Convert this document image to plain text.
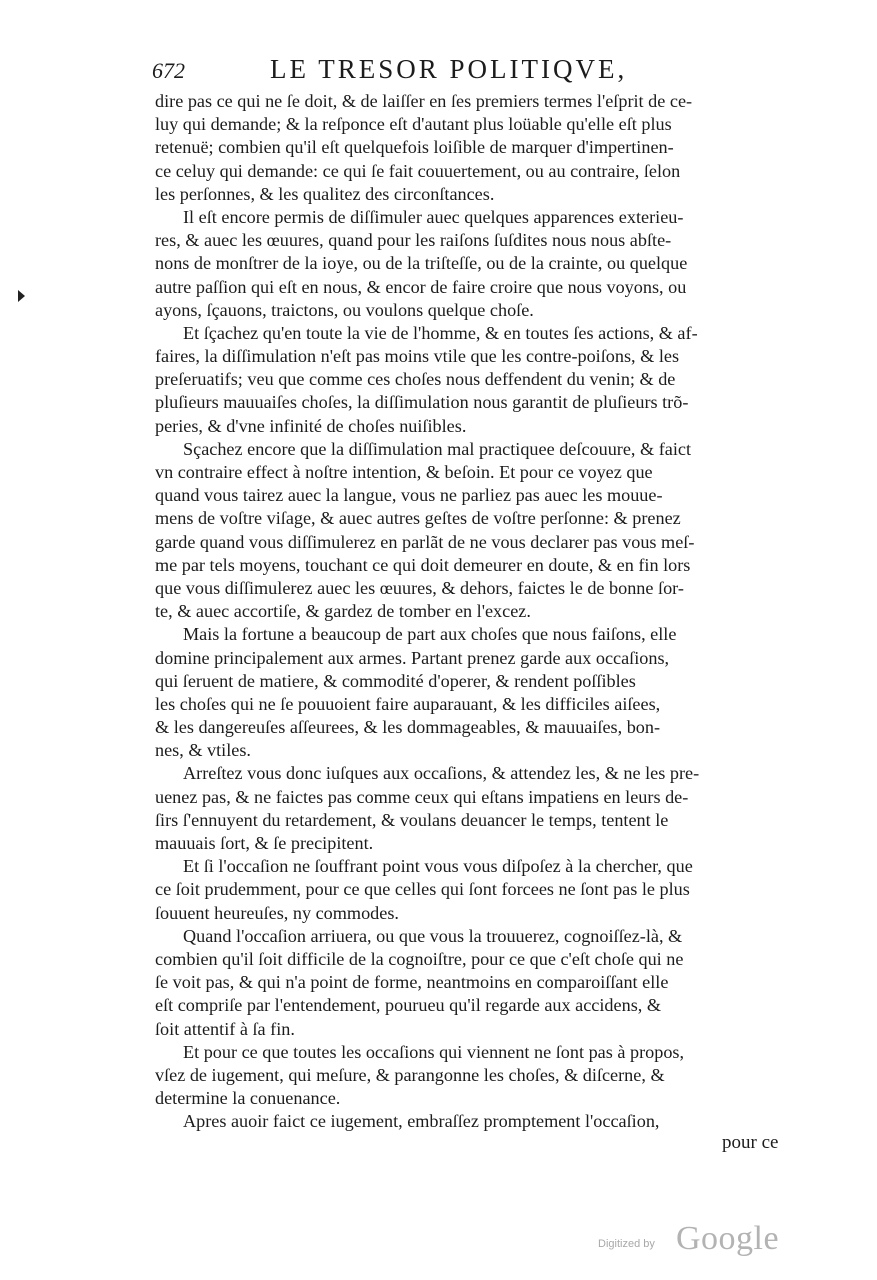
672	LE TRESOR POLITIQVE,
dire pas ce qui ne ſe doit, & de laiſſer en ſes premiers termes l'eſprit de ce-
luy qui demande; & la reſponce eſt d'autant plus loüable qu'elle eſt plus
retenuë; combien qu'il eſt quelquefois loiſible de marquer d'impertinen-
ce celuy qui demande: ce qui ſe fait couuertement, ou au contraire, ſelon
les perſonnes, & les qualitez des circonſtances.
Il eſt encore permis de diſſimuler auec quelques apparences exterieu-
res, & auec les œuures, quand pour les raiſons ſuſdites nous nous abſte-
nons de monſtrer de la ioye, ou de la triſteſſe, ou de la crainte, ou quelque
autre paſſion qui eſt en nous, & encor de faire croire que nous voyons, ou
ayons, ſçauons, traictons, ou voulons quelque choſe.
Et ſçachez qu'en toute la vie de l'homme, & en toutes ſes actions, & af-
faires, la diſſimulation n'eſt pas moins vtile que les contre-poiſons, & les
preſeruatifs; veu que comme ces choſes nous deffendent du venin; & de
pluſieurs mauuaiſes choſes, la diſſimulation nous garantit de pluſieurs trõ-
peries, & d'vne infinité de choſes nuiſibles.
Sçachez encore que la diſſimulation mal practiquee deſcouure, & faict
vn contraire effect à noſtre intention, & beſoin. Et pour ce voyez que
quand vous tairez auec la langue, vous ne parliez pas auec les mouue-
mens de voſtre viſage, & auec autres geſtes de voſtre perſonne: & prenez
garde quand vous diſſimulerez en parlãt de ne vous declarer pas vous meſ-
me par tels moyens, touchant ce qui doit demeurer en doute, & en fin lors
que vous diſſimulerez auec les œuures, & dehors, faictes le de bonne ſor-
te, & auec accortiſe, & gardez de tomber en l'excez.
Mais la fortune a beaucoup de part aux choſes que nous faiſons, elle
domine principalement aux armes. Partant prenez garde aux occaſions,
qui ſeruent de matiere, & commodité d'operer, & rendent poſſibles
les choſes qui ne ſe pouuoient faire auparauant, & les difficiles aiſees,
& les dangereuſes aſſeurees, & les dommageables, & mauuaiſes, bon-
nes, & vtiles.
Arreſtez vous donc iuſques aux occaſions, & attendez les, & ne les pre-
uenez pas, & ne faictes pas comme ceux qui eſtans impatiens en leurs de-
ſirs ſ'ennuyent du retardement, & voulans deuancer le temps, tentent le
mauuais ſort, & ſe precipitent.
Et ſi l'occaſion ne ſouffrant point vous vous diſpoſez à la chercher, que
ce ſoit prudemment, pour ce que celles qui ſont forcees ne ſont pas le plus
ſouuent heureuſes, ny commodes.
Quand l'occaſion arriuera, ou que vous la trouuerez, cognoiſſez-là, &
combien qu'il ſoit difficile de la cognoiſtre, pour ce que c'eſt choſe qui ne
ſe voit pas, & qui n'a point de forme, neantmoins en comparoiſſant elle
eſt compriſe par l'entendement, pourueu qu'il regarde aux accidens, &
ſoit attentif à ſa fin.
Et pour ce que toutes les occaſions qui viennent ne ſont pas à propos,
vſez de iugement, qui meſure, & parangonne les choſes, & diſcerne, &
determine la conuenance.
Apres auoir faict ce iugement, embraſſez promptement l'occaſion,
pour ce
Digitized by Google
